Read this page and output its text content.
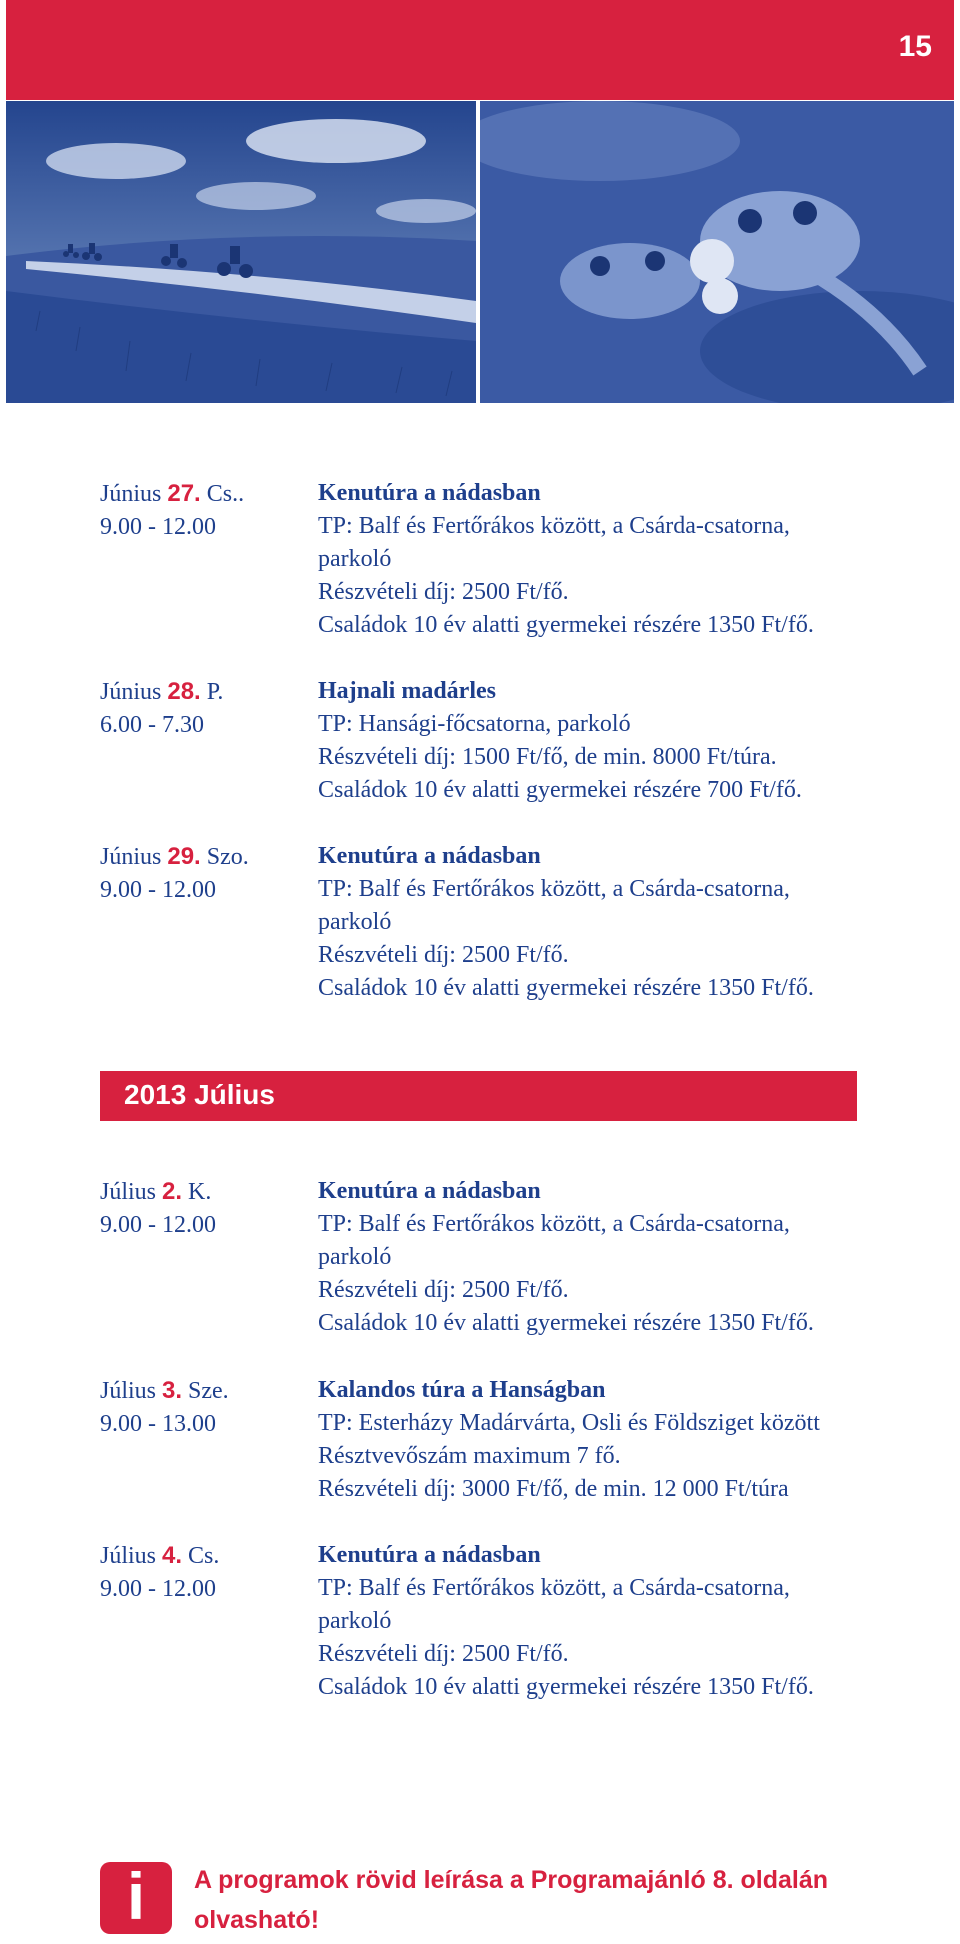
15
Június 27. Cs..
9.00 - 12.00
Kenutúra a nádasban
TP: Balf és Fertőrákos között, a Csárda-csatorna,
parkoló
Részvételi díj: 2500 Ft/fő.
Családok 10 év alatti gyermekei részére 1350 Ft/fő.
Június 28. P.
6.00 - 7.30
Hajnali madárles
TP: Hansági-főcsatorna, parkoló
Részvételi díj: 1500 Ft/fő, de min. 8000 Ft/túra.
Családok 10 év alatti gyermekei részére 700 Ft/fő.
Június 29. Szo.
9.00 - 12.00
Kenutúra a nádasban
TP: Balf és Fertőrákos között, a Csárda-csatorna,
parkoló
Részvételi díj: 2500 Ft/fő.
Családok 10 év alatti gyermekei részére 1350 Ft/fő.
2013 Július
Július 2. K.
9.00 - 12.00
Kenutúra a nádasban
TP: Balf és Fertőrákos között, a Csárda-csatorna,
parkoló
Részvételi díj: 2500 Ft/fő.
Családok 10 év alatti gyermekei részére 1350 Ft/fő.
Július 3. Sze.
9.00 - 13.00
Kalandos túra a Hanságban
TP: Esterházy Madárvárta, Osli és Földsziget között
Résztvevőszám maximum 7 fő.
Részvételi díj: 3000 Ft/fő, de min. 12 000 Ft/túra
Július 4. Cs.
9.00 - 12.00
Kenutúra a nádasban
TP: Balf és Fertőrákos között, a Csárda-csatorna,
parkoló
Részvételi díj: 2500 Ft/fő.
Családok 10 év alatti gyermekei részére 1350 Ft/fő.
i	A programok rövid leírása a Programajánló 8. oldalán
olvasható!
